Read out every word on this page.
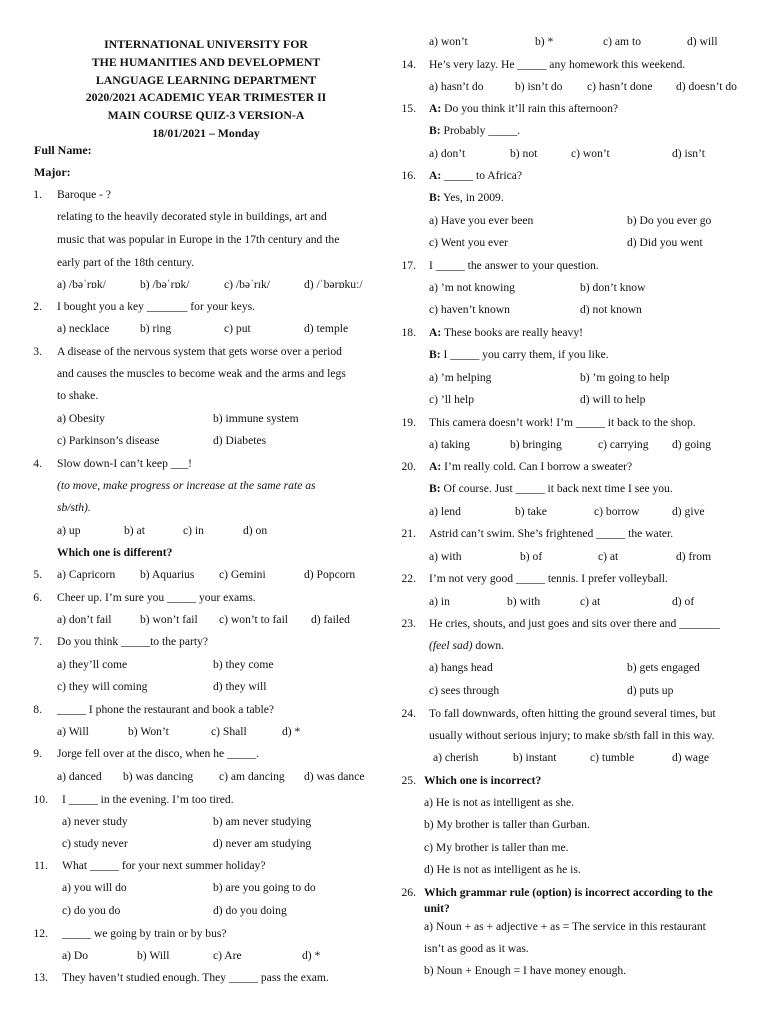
INTERNATIONAL UNIVERSITY FOR
THE HUMANITIES AND DEVELOPMENT
LANGUAGE LEARNING DEPARTMENT
2020/2021 ACADEMIC YEAR TRIMESTER II
MAIN COURSE QUIZ-3 VERSION-A
18/01/2021 – Monday
Full Name:
Major:
1. Baroque - ?
relating to the heavily decorated style in buildings, art and
music that was popular in Europe in the 17th century and the
early part of the 18th century.
a) /bəˈrɒk/	b) /bəˈrɒk/	c) /bəˈrɪk/	d) /ˈbərɒkuː/
2. I bought you a key _______ for your keys.
a) necklace	b) ring	c) put	d) temple
3. A disease of the nervous system that gets worse over a period
and causes the muscles to become weak and the arms and legs
to shake.
a) Obesity	b) immune system
c) Parkinson’s disease	d) Diabetes
4. Slow down-I can’t keep ___!
(to move, make progress or increase at the same rate as
sb/sth).
a) up	b) at	c) in	d) on
Which one is different?
5. a) Capricorn b) Aquarius c) Gemini	d) Popcorn
6. Cheer up. I’m sure you _____ your exams.
a) don’t fail b) won’t fail c) won’t to fail d) failed
7. Do you think _____to the party?
a) they’ll come	b) they come
c) they will coming	d) they will
8. _____ I phone the restaurant and book a table?
a) Will	b) Won’t	c) Shall	d) *
9. Jorge fell over at the disco, when he _____.
a) danced b) was dancing c) am dancing d) was dance
10. I _____ in the evening. I’m too tired.
a) never study	b) am never studying
c) study never	d) never am studying
11. What _____ for your next summer holiday?
a) you will do	b) are you going to do
c) do you do	d) do you doing
12. _____ we going by train or by bus?
a) Do	b) Will	c) Are	d) *
13. They haven’t studied enough. They _____ pass the exam.
a) won’t	b) *	c) am to	d) will
14. He’s very lazy. He _____ any homework this weekend.
a) hasn’t do	b) isn’t do c) hasn’t done d) doesn’t do
15. A: Do you think it’ll rain this afternoon?
B: Probably _____.
a) don’t	b) not	c) won’t	d) isn’t
16. A: _____ to Africa?
B: Yes, in 2009.
a) Have you ever been	b) Do you ever go
c) Went you ever	d) Did you went
17. I _____ the answer to your question.
a) ’m not knowing	b) don’t know
c) haven’t known	d) not known
18. A: These books are really heavy!
B: I _____ you carry them, if you like.
a) ’m helping	b) ’m going to help
c) ’ll help	d) will to help
19. This camera doesn’t work! I’m _____ it back to the shop.
a) taking	b) bringing	c) carrying d) going
20. A: I’m really cold. Can I borrow a sweater?
B: Of course. Just _____ it back next time I see you.
a) lend	b) take	c) borrow	d) give
21. Astrid can’t swim. She’s frightened _____ the water.
a) with	b) of	c) at	d) from
22. I’m not very good _____ tennis. I prefer volleyball.
a) in	b) with	c) at	d) of
23. He cries, shouts, and just goes and sits over there and _______
(feel sad) down.
a) hangs head	b) gets engaged
c) sees through	d) puts up
24. To fall downwards, often hitting the ground several times, but
usually without serious injury; to make sb/sth fall in this way.
a) cherish	b) instant	c) tumble	d) wage
25. Which one is incorrect?
a) He is not as intelligent as she.
b) My brother is taller than Gurban.
c) My brother is taller than me.
d) He is not as intelligent as he is.
26. Which grammar rule (option) is incorrect according to the
unit?
a) Noun + as + adjective + as = The service in this restaurant
isn’t as good as it was.
b) Noun + Enough = I have money enough.
